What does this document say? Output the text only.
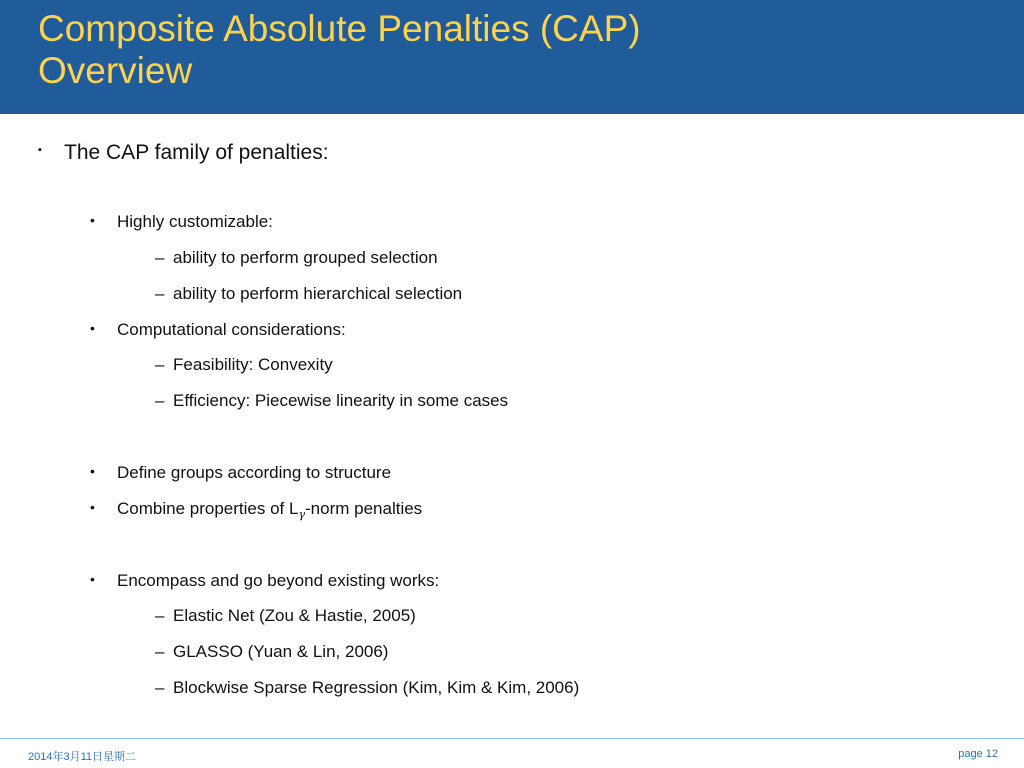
Composite Absolute Penalties (CAP)
Overview
▪ The CAP family of penalties:
• Highly customizable:
– ability to perform grouped selection
– ability to perform hierarchical selection
• Computational considerations:
– Feasibility: Convexity
– Efficiency: Piecewise linearity in some cases
• Define groups according to structure
• Combine properties of $L_\gamma$-norm penalties
• Encompass and go beyond existing works:
– Elastic Net (Zou & Hastie, 2005)
– GLASSO (Yuan & Lin, 2006)
– Blockwise Sparse Regression (Kim, Kim & Kim, 2006)
2014年3月11日星期二	page 12
